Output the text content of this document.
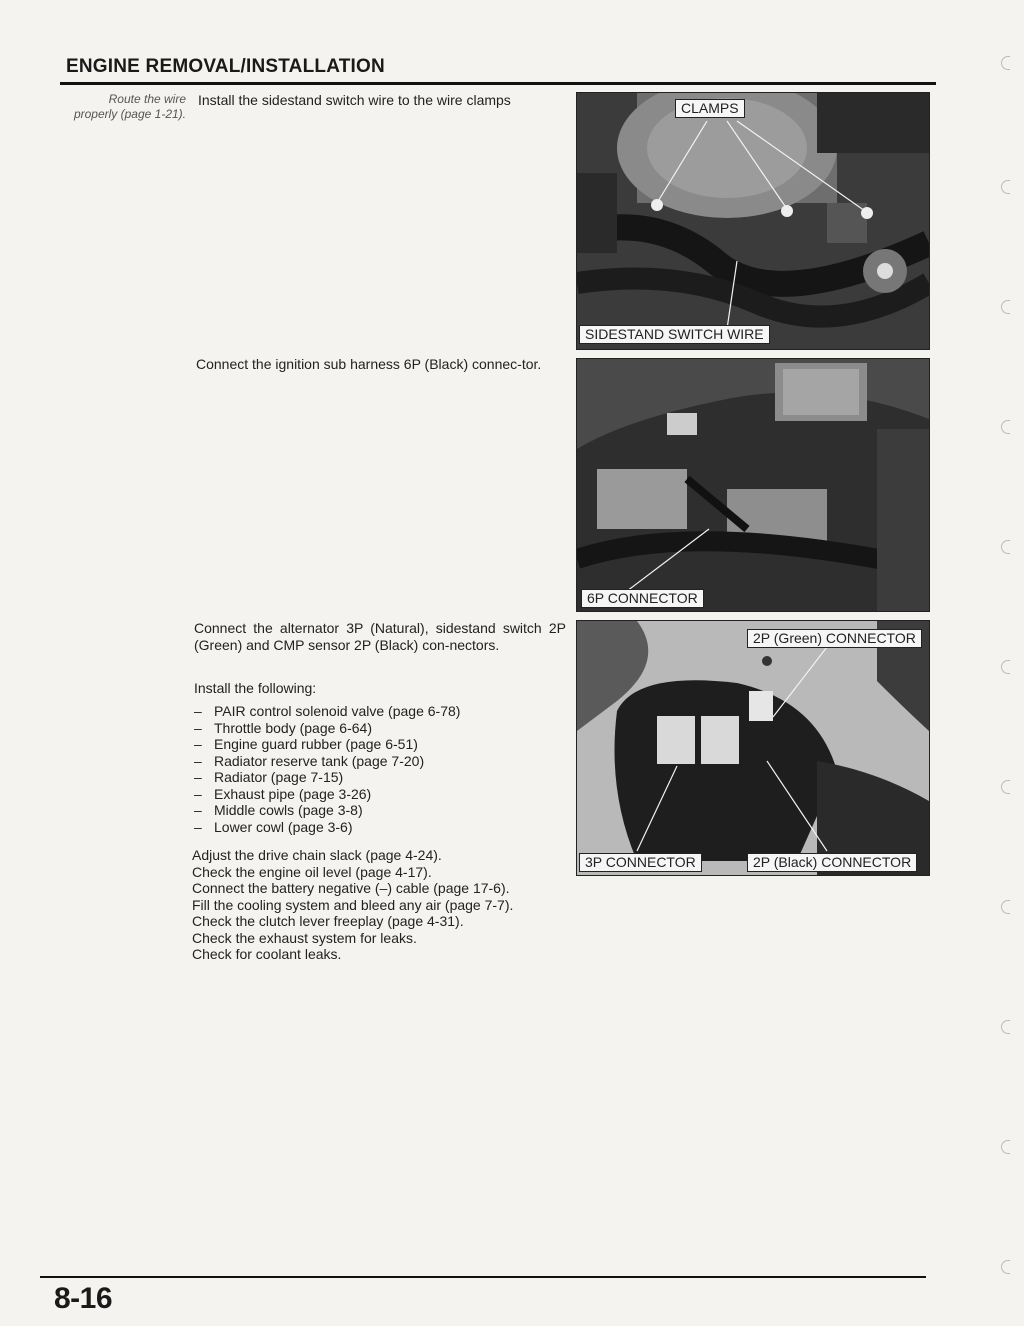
ENGINE REMOVAL/INSTALLATION
Route the wire properly (page 1-21).
Install the sidestand switch wire to the wire clamps
Connect the ignition sub harness 6P (Black) connec-tor.
Connect the alternator 3P (Natural), sidestand switch 2P (Green) and CMP sensor 2P (Black) con-nectors.
Install the following:
– PAIR control solenoid valve (page 6-78)
– Throttle body (page 6-64)
– Engine guard rubber (page 6-51)
– Radiator reserve tank (page 7-20)
– Radiator (page 7-15)
– Exhaust pipe (page 3-26)
– Middle cowls (page 3-8)
– Lower cowl (page 3-6)
Adjust the drive chain slack (page 4-24).
Check the engine oil level (page 4-17).
Connect the battery negative (–) cable (page 17-6).
Fill the cooling system and bleed any air (page 7-7).
Check the clutch lever freeplay (page 4-31).
Check the exhaust system for leaks.
Check for coolant leaks.
CLAMPS
SIDESTAND SWITCH WIRE
6P CONNECTOR
2P (Green) CONNECTOR
3P CONNECTOR	2P (Black) CONNECTOR
8-16
